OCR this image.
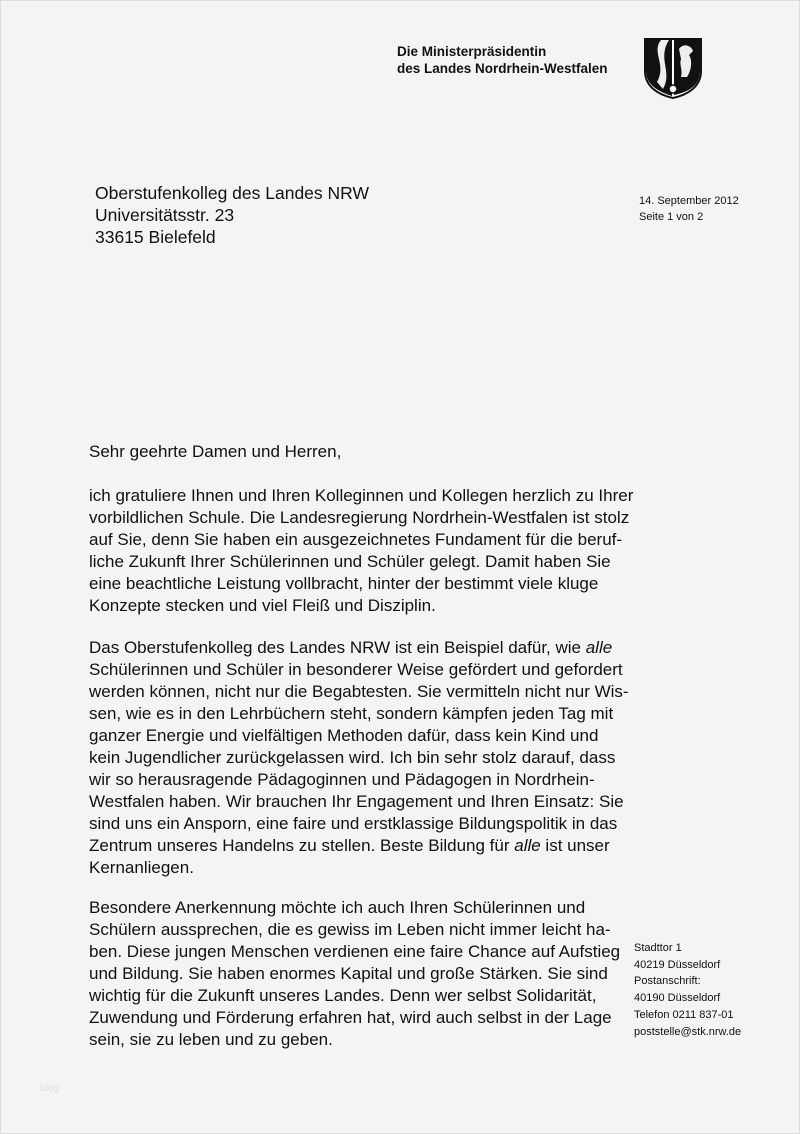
Die Ministerpräsidentin
des Landes Nordrhein-Westfalen
Oberstufenkolleg des Landes NRW
Universitätsstr. 23
33615 Bielefeld
14. September 2012
Seite 1 von 2
Sehr geehrte Damen und Herren,
ich gratuliere Ihnen und Ihren Kolleginnen und Kollegen herzlich zu Ihrer
vorbildlichen Schule. Die Landesregierung Nordrhein-Westfalen ist stolz
auf Sie, denn Sie haben ein ausgezeichnetes Fundament für die beruf-
liche Zukunft Ihrer Schülerinnen und Schüler gelegt. Damit haben Sie
eine beachtliche Leistung vollbracht, hinter der bestimmt viele kluge
Konzepte stecken und viel Fleiß und Disziplin.
Das Oberstufenkolleg des Landes NRW ist ein Beispiel dafür, wie alle
Schülerinnen und Schüler in besonderer Weise gefördert und gefordert
werden können, nicht nur die Begabtesten. Sie vermitteln nicht nur Wis-
sen, wie es in den Lehrbüchern steht, sondern kämpfen jeden Tag mit
ganzer Energie und vielfältigen Methoden dafür, dass kein Kind und
kein Jugendlicher zurückgelassen wird. Ich bin sehr stolz darauf, dass
wir so herausragende Pädagoginnen und Pädagogen in Nordrhein-
Westfalen haben. Wir brauchen Ihr Engagement und Ihren Einsatz: Sie
sind uns ein Ansporn, eine faire und erstklassige Bildungspolitik in das
Zentrum unseres Handelns zu stellen. Beste Bildung für alle ist unser
Kernanliegen.
Besondere Anerkennung möchte ich auch Ihren Schülerinnen und
Schülern aussprechen, die es gewiss im Leben nicht immer leicht ha-
ben. Diese jungen Menschen verdienen eine faire Chance auf Aufstieg
und Bildung. Sie haben enormes Kapital und große Stärken. Sie sind
wichtig für die Zukunft unseres Landes. Denn wer selbst Solidarität,
Zuwendung und Förderung erfahren hat, wird auch selbst in der Lage
sein, sie zu leben und zu geben.
Stadttor 1
40219 Düsseldorf
Postanschrift:
40190 Düsseldorf
Telefon 0211 837-01
poststelle@stk.nrw.de
blog
